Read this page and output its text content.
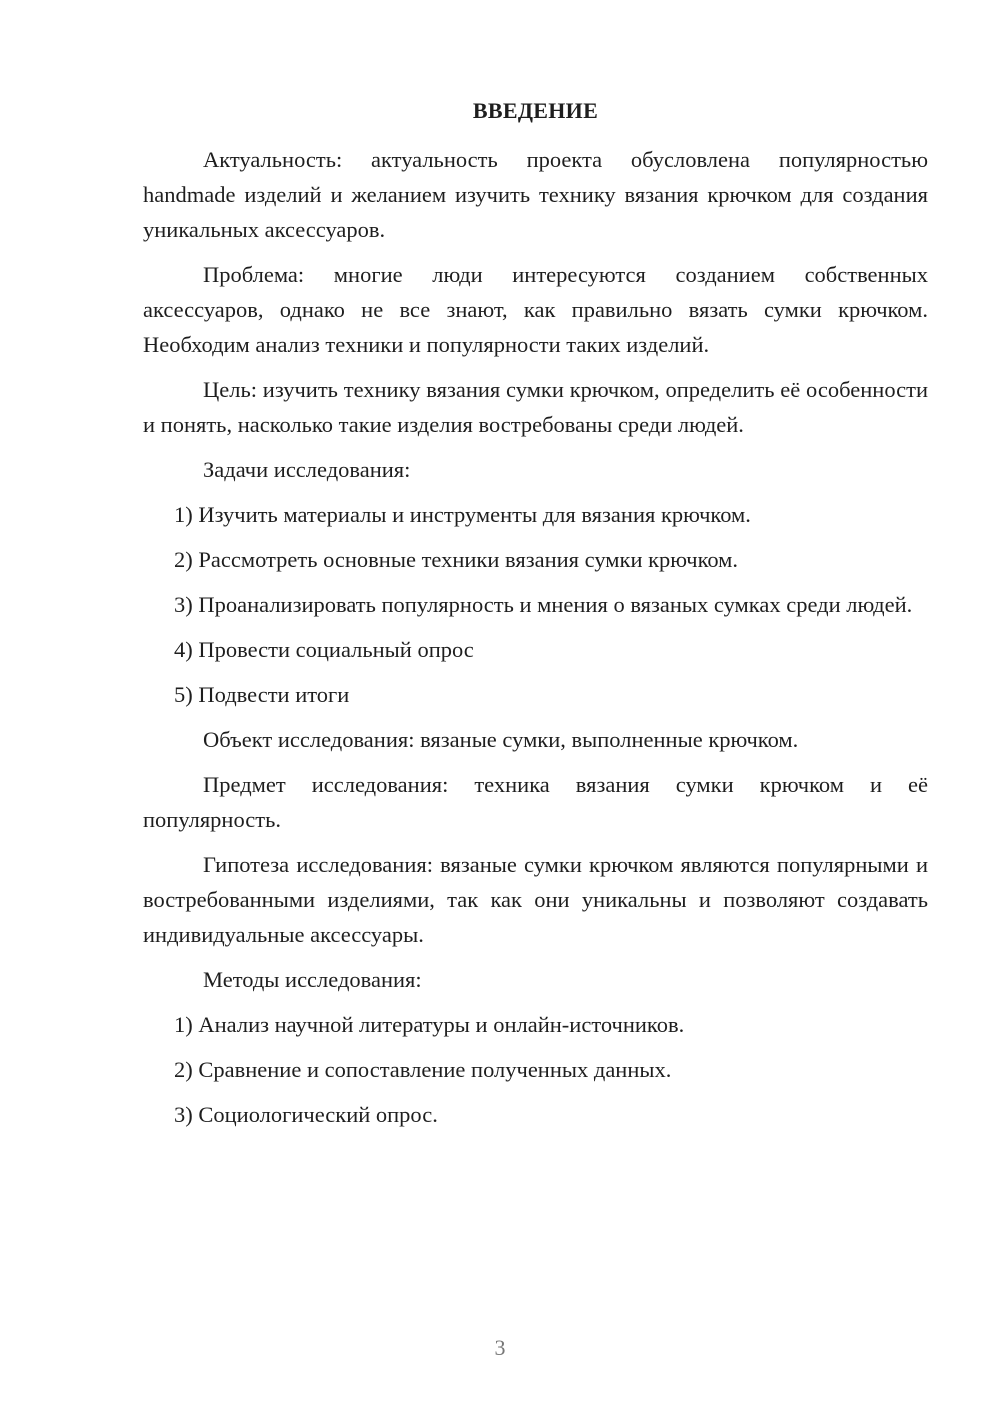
ВВЕДЕНИЕ

Актуальность: актуальность проекта обусловлена популярностью handmade изделий и желанием изучить технику вязания крючком для создания уникальных аксессуаров.

Проблема: многие люди интересуются созданием собственных аксессуаров, однако не все знают, как правильно вязать сумки крючком. Необходим анализ техники и популярности таких изделий.

Цель: изучить технику вязания сумки крючком, определить её особенности и понять, насколько такие изделия востребованы среди людей.

Задачи исследования:

1) Изучить материалы и инструменты для вязания крючком.

2) Рассмотреть основные техники вязания сумки крючком.

3) Проанализировать популярность и мнения о вязаных сумках среди людей.

4) Провести социальный опрос

5) Подвести итоги

Объект исследования: вязаные сумки, выполненные крючком.

Предмет исследования: техника вязания сумки крючком и её популярность.

Гипотеза исследования: вязаные сумки крючком являются популярными и востребованными изделиями, так как они уникальны и позволяют создавать индивидуальные аксессуары.

Методы исследования:

1) Анализ научной литературы и онлайн-источников.

2) Сравнение и сопоставление полученных данных.

3) Социологический опрос.

3
